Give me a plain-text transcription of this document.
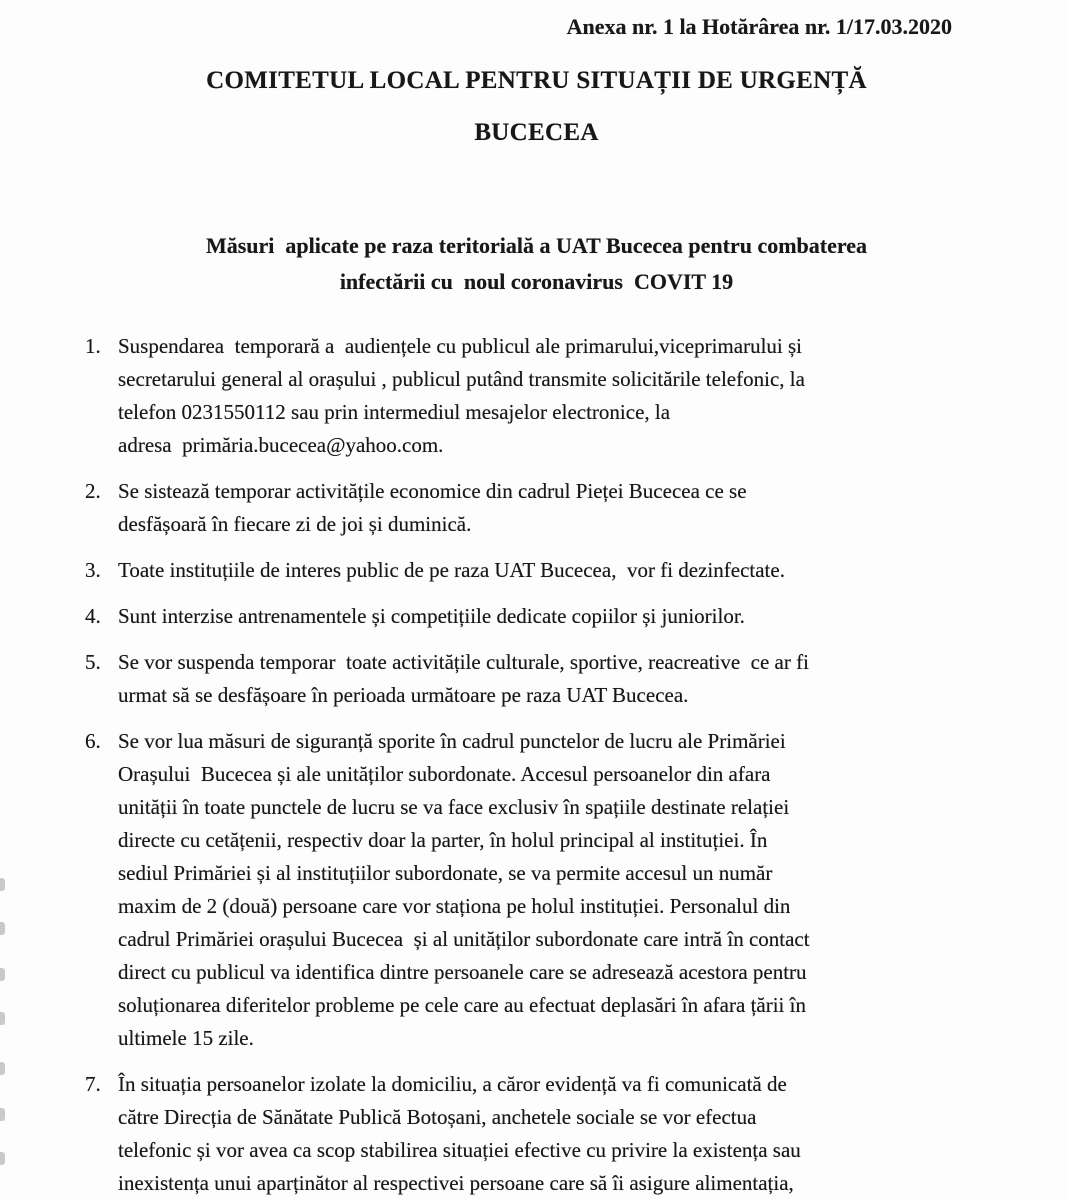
Anexa nr. 1 la Hotărârea nr. 1/17.03.2020
COMITETUL LOCAL PENTRU SITUAȚII DE URGENȚĂ
BUCECEA
Măsuri  aplicate pe raza teritorială a UAT Bucecea pentru combaterea
infectării cu  noul coronavirus  COVIT 19
1. Suspendarea  temporară a  audiențele cu publicul ale primarului,viceprimarului și
secretarului general al orașului , publicul putând transmite solicitările telefonic, la
telefon 0231550112 sau prin intermediul mesajelor electronice, la
adresa  primăria.bucecea@yahoo.com.
2. Se sistează temporar activitățile economice din cadrul Pieței Bucecea ce se
desfășoară în fiecare zi de joi și duminică.
3. Toate instituțiile de interes public de pe raza UAT Bucecea,  vor fi dezinfectate.
4. Sunt interzise antrenamentele și competițiile dedicate copiilor și juniorilor.
5. Se vor suspenda temporar  toate activitățile culturale, sportive, reacreative  ce ar fi
urmat să se desfășoare în perioada următoare pe raza UAT Bucecea.
6. Se vor lua măsuri de siguranță sporite în cadrul punctelor de lucru ale Primăriei
Orașului  Bucecea și ale unităților subordonate. Accesul persoanelor din afara
unității în toate punctele de lucru se va face exclusiv în spațiile destinate relației
directe cu cetățenii, respectiv doar la parter, în holul principal al instituției. În
sediul Primăriei și al instituțiilor subordonate, se va permite accesul un număr
maxim de 2 (două) persoane care vor staționa pe holul instituției. Personalul din
cadrul Primăriei orașului Bucecea  și al unităților subordonate care intră în contact
direct cu publicul va identifica dintre persoanele care se adresează acestora pentru
soluționarea diferitelor probleme pe cele care au efectuat deplasări în afara țării în
ultimele 15 zile.
7. În situația persoanelor izolate la domiciliu, a căror evidență va fi comunicată de
către Direcția de Sănătate Publică Botoșani, anchetele sociale se vor efectua
telefonic și vor avea ca scop stabilirea situației efective cu privire la existența sau
inexistența unui aparținător al respectivei persoane care să îi asigure alimentația,
